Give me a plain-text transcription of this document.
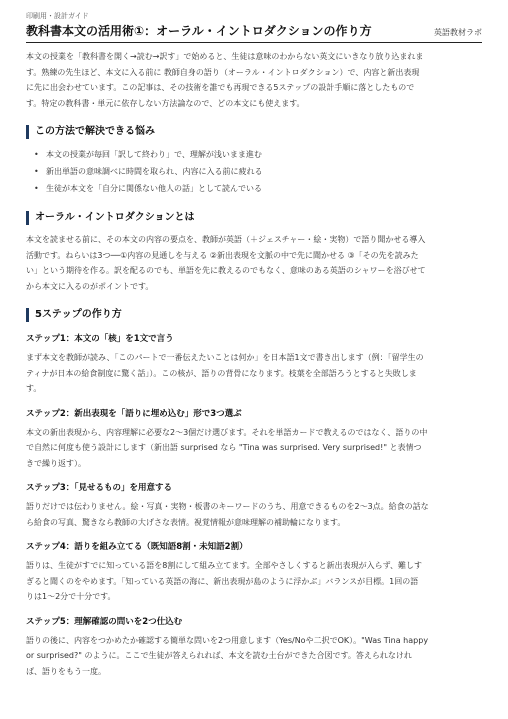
印刷用・設計ガイド
教科書本文の活用術①：オーラル・イントロダクションの作り方	英語教材ラボ

本文の授業を「教科書を開く→読む→訳す」で始めると、生徒は意味のわからない英文にいきなり放り込まれま

す。熟練の先生ほど、本文に入る前に 教師自身の語り（オーラル・イントロダクション）で、内容と新出表現

に先に出会わせています。この記事は、その技術を誰でも再現できる5ステップの設計手順に落としたもので

す。特定の教科書・単元に依存しない方法論なので、どの本文にも使えます。

この方法で解決できる悩み
• 本文の授業が毎回「訳して終わり」で、理解が浅いまま進む
• 新出単語の意味調べに時間を取られ、内容に入る前に疲れる
• 生徒が本文を「自分に関係ない他人の話」として読んでいる
オーラル・イントロダクションとは

本文を読ませる前に、その本文の内容の要点を、教師が英語（＋ジェスチャー・絵・実物）で語り聞かせる導入

活動です。ねらいは3つ──①内容の見通しを与える ②新出表現を文脈の中で先に聞かせる ③「その先を読みた

い」という期待を作る。訳を配るのでも、単語を先に教えるのでもなく、意味のある英語のシャワーを浴びせて

から本文に入るのがポイントです。

5ステップの作り方
ステップ1：本文の「核」を1文で言う

まず本文を教師が読み、「このパートで一番伝えたいことは何か」を日本語1文で書き出します（例：「留学生の

ティナが日本の給食制度に驚く話」）。この核が、語りの背骨になります。枝葉を全部語ろうとすると失敗しま

す。

ステップ2：新出表現を「語りに埋め込む」形で3つ選ぶ

本文の新出表現から、内容理解に必要な2〜3個だけ選びます。それを単語カードで教えるのではなく、語りの中

で自然に何度も使う設計にします（新出語 surprised なら "Tina was surprised. Very surprised!" と表情つ

きで繰り返す）。

ステップ3：「見せるもの」を用意する

語りだけでは伝わりません。絵・写真・実物・板書のキーワードのうち、用意できるものを2〜3点。給食の話な

ら給食の写真、驚きなら教師の大げさな表情。視覚情報が意味理解の補助輪になります。

ステップ4：語りを組み立てる（既知語8割・未知語2割）

語りは、生徒がすでに知っている語を8割にして組み立てます。全部やさしくすると新出表現が入らず、難しす

ぎると聞くのをやめます。「知っている英語の海に、新出表現が島のように浮かぶ」バランスが目標。1回の語

りは1〜2分で十分です。

ステップ5：理解確認の問いを2つ仕込む

語りの後に、内容をつかめたか確認する簡単な問いを2つ用意します（Yes/Noや二択でOK）。"Was Tina happy

or surprised?" のように。ここで生徒が答えられれば、本文を読む土台ができた合図です。答えられなけれ

ば、語りをもう一度。
